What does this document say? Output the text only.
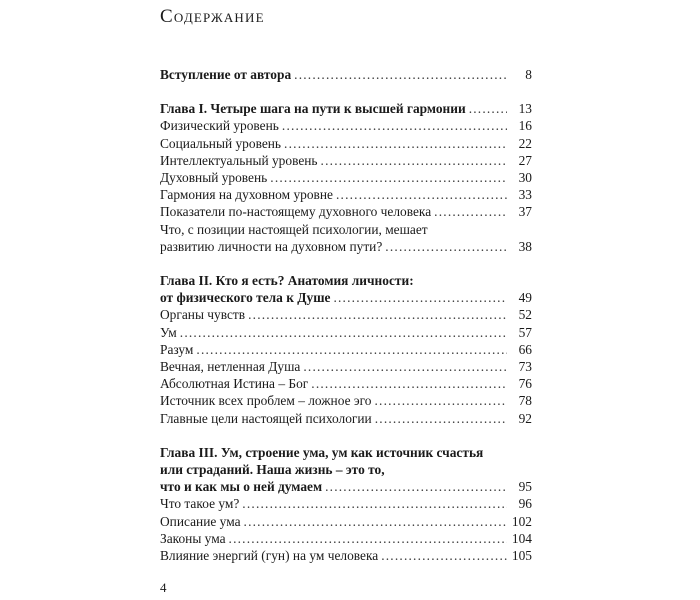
Содержание
Вступление от автора .....	8
Глава I. Четыре шага на пути к высшей гармонии .....	13
Физический уровень .....	16
Социальный уровень .....	22
Интеллектуальный уровень .....	27
Духовный уровень .....	30
Гармония на духовном уровне .....	33
Показатели по-настоящему духовного человека .....	37
Что, с позиции настоящей психологии, мешает
развитию личности на духовном пути? .....	38
Глава II. Кто я есть? Анатомия личности:
от физического тела к Душе .....	49
Органы чувств .....	52
Ум .....	57
Разум .....	66
Вечная, нетленная Душа .....	73
Абсолютная Истина – Бог .....	76
Источник всех проблем – ложное эго .....	78
Главные цели настоящей психологии .....	92
Глава III. Ум, строение ума, ум как источник счастья
или страданий. Наша жизнь – это то,
что и как мы о ней думаем .....	95
Что такое ум? .....	96
Описание ума .....	102
Законы ума .....	104
Влияние энергий (гун) на ум человека .....	105
4
